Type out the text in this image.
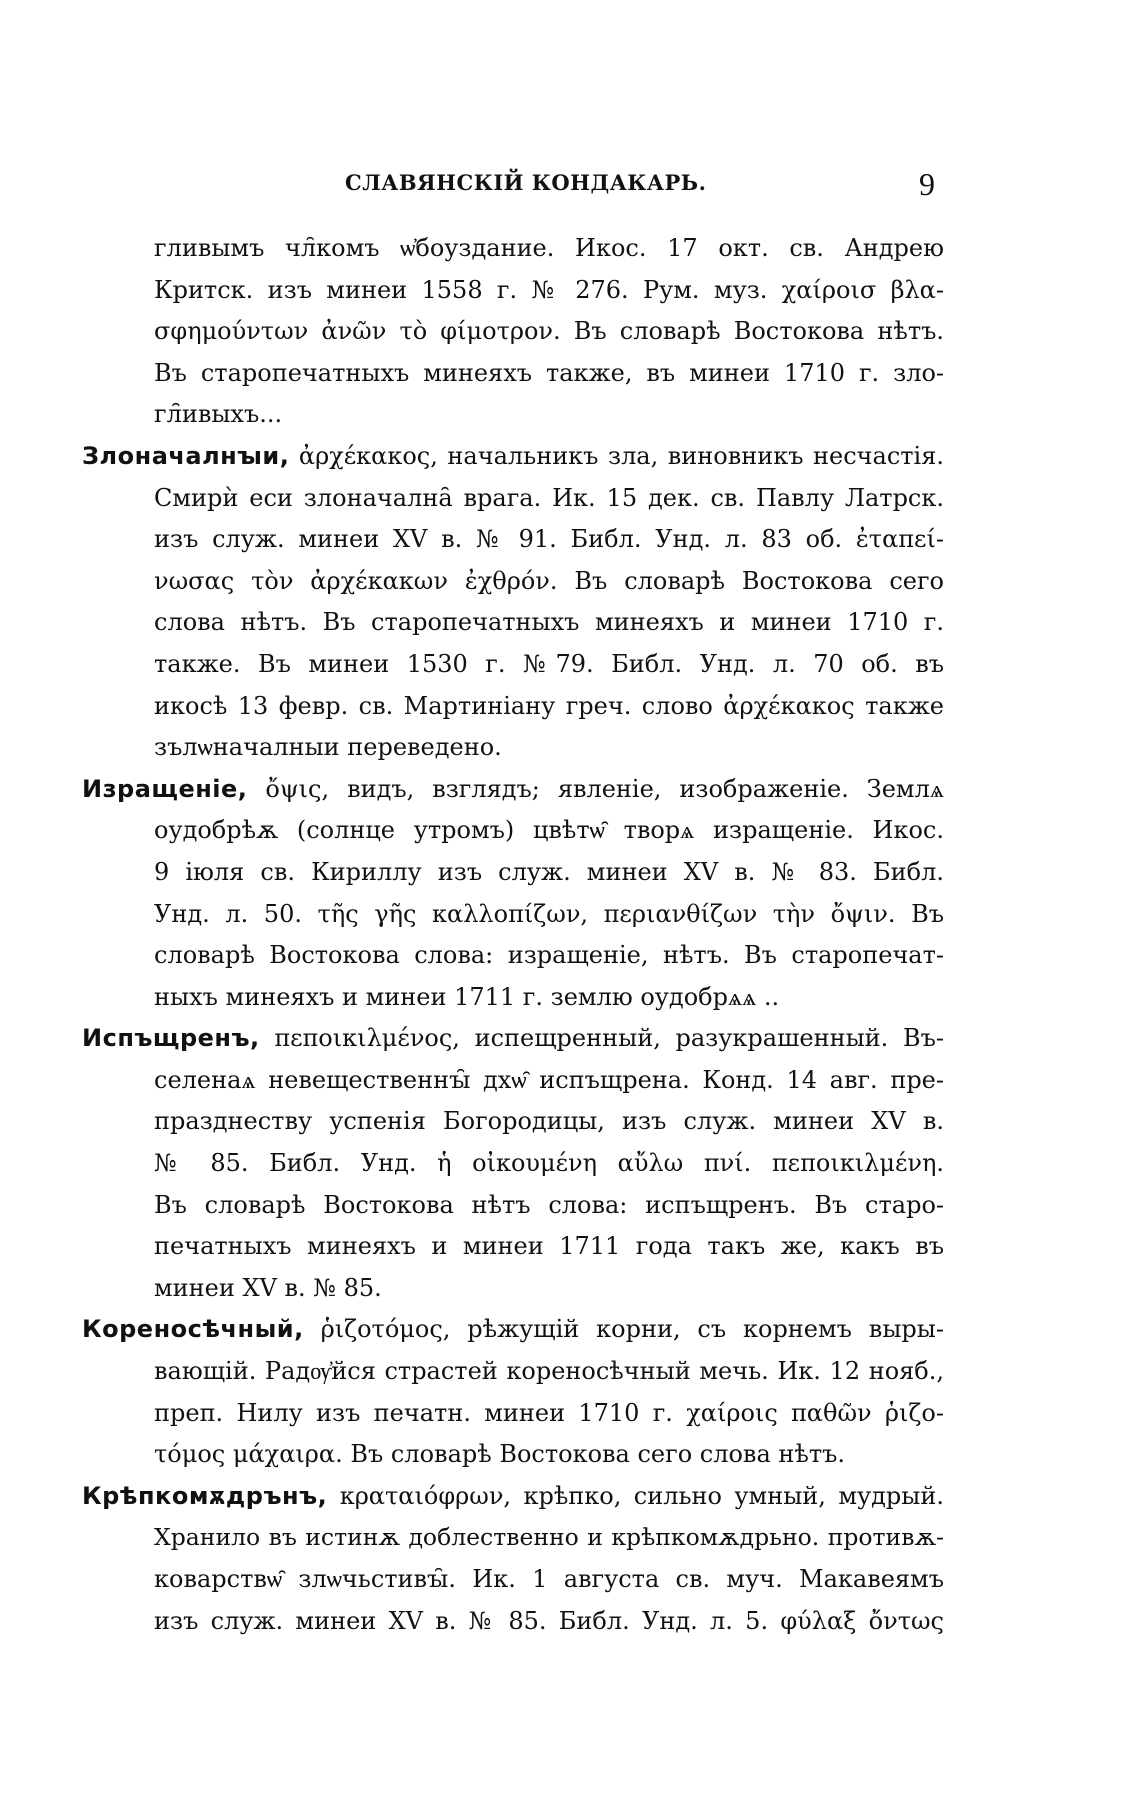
СЛАВЯНСКІЙ КОНДАКАРЬ.	9
гливымъ чл̑комъ ѡ̓боуздание. Икос. 17 окт. св. Андрею
Критск. изъ минеи 1558 г. № 276. Рум. муз. χαίροισ βλα-
σφημούντων ἀνῶν τὸ φίμοτρον. Въ словарѣ Востокова нѣтъ.
Въ старопечатныхъ минеяхъ также, въ минеи 1710 г. зло-
гл̑ивыхъ...
Злоначалнꙑи, ἀρχέκακος, начальникъ зла, виновникъ несчастія.
Смирѝ еси злоначална̑ врага. Ик. 15 дек. св. Павлу Латрск.
изъ служ. минеи XV в. № 91. Библ. Унд. л. 83 об. ἐταπεί-
νωσας τὸν ἀρχέκακων ἐχθρόν. Въ словарѣ Востокова сего
слова нѣтъ. Въ старопечатныхъ минеяхъ и минеи 1710 г.
также. Въ минеи 1530 г. №79. Библ. Унд. л. 70 об. въ
икосѣ 13 февр. св. Мартиніану греч. слово ἀρχέκακος также
зълѡначалныи переведено.
Изращеніе, ὄψις, видъ, взглядъ; явленіе, изображеніе. Землѧ
оудобрѣѫ (солнце утромъ) цвѣтѡ̑ творѧ изращеніе. Икос.
9 іюля св. Кириллу изъ служ. минеи XV в. № 83. Библ.
Унд. л. 50. τῆς γῆς καλλοπίζων, περιανθίζων τὴν ὄψιν. Въ
словарѣ Востокова слова: изращеніе, нѣтъ. Въ старопечат-
ныхъ минеяхъ и минеи 1711 г. землю оудобрѧѧ ..
Испъщренъ, πεποικιλμένος, испещренный, разукрашенный. Въ-
селенаѧ невещественнꙑ̑ дхѡ̑ испъщрена. Конд. 14 авг. пре-
празднеству успенія Богородицы, изъ служ. минеи XV в.
№ 85. Библ. Унд. ἡ οἰκουμένη αὔλω πνί. πεποικιλμένη.
Въ словарѣ Востокова нѣтъ слова: испъщренъ. Въ старо-
печатныхъ минеяхъ и минеи 1711 года такъ же, какъ въ
минеи XV в. № 85.
Кореносѣчный, ῥιζοτόμος, рѣжущій корни, съ корнемъ выры-
вающій. Радѹ̓йся страстей кореносѣчный мечь. Ик. 12 нояб.,
преп. Нилу изъ печатн. минеи 1710 г. χαίροις παθῶν ῥιζο-
τόμος μάχαιρα. Въ словарѣ Востокова сего слова нѣтъ.
Крѣпкомѫдрънъ, κραταιόφρων, крѣпко, сильно умный, мудрый.
Хранило въ истинѫ доблественно и крѣпкомѫдрьно. противѫ-
коварствѡ̑ злѡчьстивꙑ̑. Ик. 1 августа св. муч. Макавеямъ
изъ служ. минеи XV в. № 85. Библ. Унд. л. 5. φύλαξ ὄντως
